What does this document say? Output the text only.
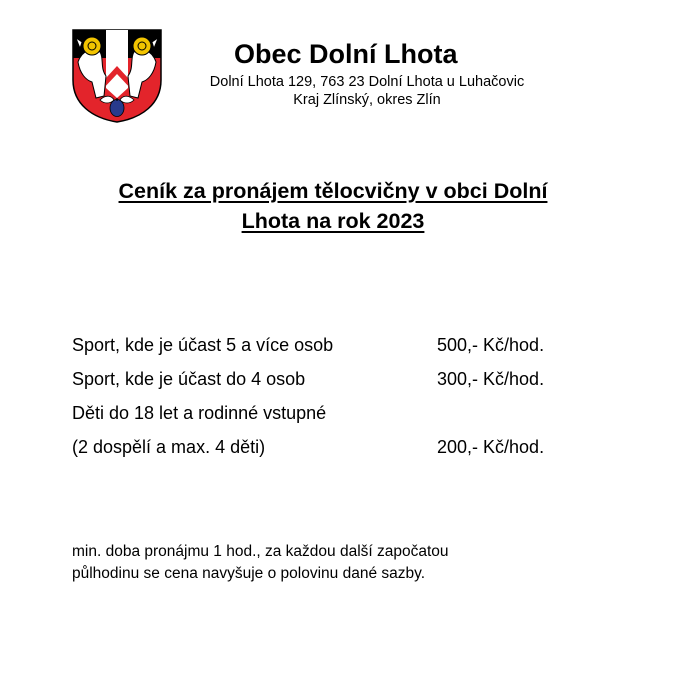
Obec Dolní Lhota
Dolní Lhota 129, 763 23 Dolní Lhota u Luhačovic
Kraj Zlínský, okres Zlín
Ceník za pronájem tělocvičny v obci Dolní
Lhota na rok 2023
Sport, kde je účast 5 a více osob	500,- Kč/hod.
Sport, kde je účast do 4 osob	300,- Kč/hod.
Děti do 18 let a rodinné vstupné
(2 dospělí a max. 4 děti)	200,- Kč/hod.
min. doba pronájmu 1 hod., za každou další započatou
půlhodinu se cena navyšuje o polovinu dané sazby.
